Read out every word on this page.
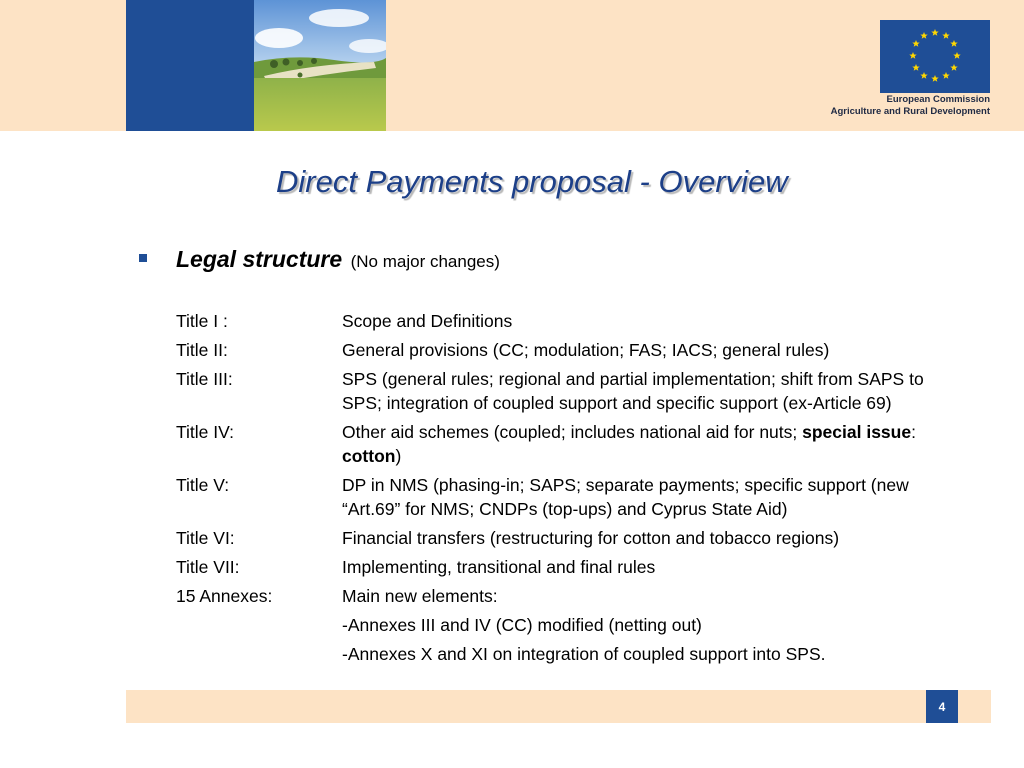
European Commission
Agriculture and Rural Development
Direct Payments proposal - Overview
Legal structure (No major changes)
Title I :	Scope and Definitions
Title II:	General provisions (CC; modulation; FAS; IACS; general rules)
Title III:	SPS (general rules; regional and partial implementation; shift from SAPS to SPS; integration of coupled support and specific support (ex-Article 69)
Title IV:	Other aid schemes (coupled; includes national aid for nuts; special issue: cotton)
Title V:	DP in NMS (phasing-in; SAPS; separate payments; specific support (new “Art.69” for NMS; CNDPs (top-ups) and Cyprus State Aid)
Title VI:	Financial transfers (restructuring for cotton and tobacco regions)
Title VII:	Implementing, transitional and final rules
15 Annexes:	Main new elements:
-Annexes III and IV (CC) modified (netting out)
-Annexes X and XI on integration of coupled support into SPS.
4
